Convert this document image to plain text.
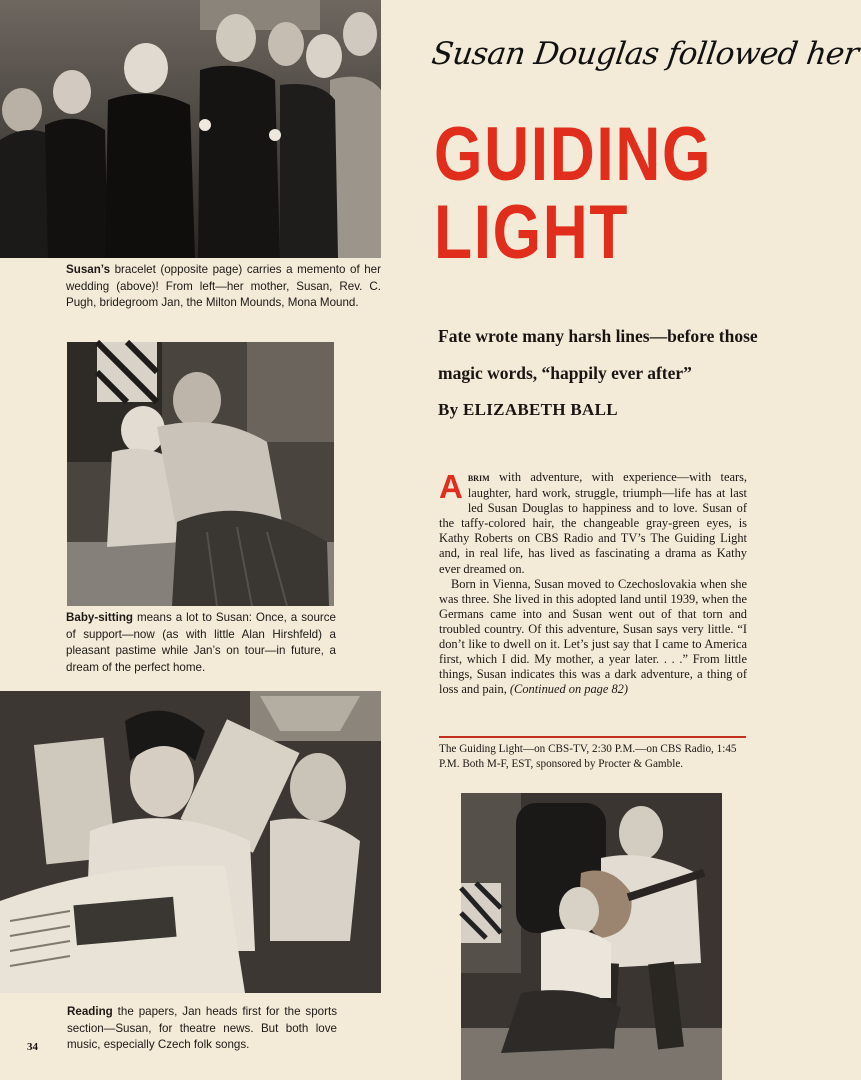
Susan’s bracelet (opposite page) carries a memento of her wedding (above)! From left—her mother, Susan, Rev. C. Pugh, bridegroom Jan, the Milton Mounds, Mona Mound.
Baby-sitting means a lot to Susan: Once, a source of support—now (as with little Alan Hirshfeld) a pleasant pastime while Jan’s on tour—in future, a dream of the perfect home.
Reading the papers, Jan heads first for the sports section—Susan, for theatre news. But both love music, especially Czech folk songs.
Susan Douglas followed her
GUIDING
LIGHT
Fate wrote many harsh lines—before those magic words, “happily ever after”
By ELIZABETH BALL

Abrim with adventure, with experience—with tears, laughter, hard work, struggle, triumph—life has at last led Susan Douglas to happiness and to love. Susan of the taffy-colored hair, the changeable gray-green eyes, is Kathy Roberts on CBS Radio and TV’s The Guiding Light and, in real life, has lived as fascinating a drama as Kathy ever dreamed on.

Born in Vienna, Susan moved to Czechoslovakia when she was three. She lived in this adopted land until 1939, when the Germans came into and Susan went out of that torn and troubled country. Of this adventure, Susan says very little. “I don’t like to dwell on it. Let’s just say that I came to America first, which I did. My mother, a year later. . . .” From little things, Susan indicates this was a dark adventure, a thing of loss and pain, (Continued on page 82)

The Guiding Light—on CBS-TV, 2:30 P.M.—on CBS Radio, 1:45 P.M. Both M-F, EST, sponsored by Procter & Gamble.
34
